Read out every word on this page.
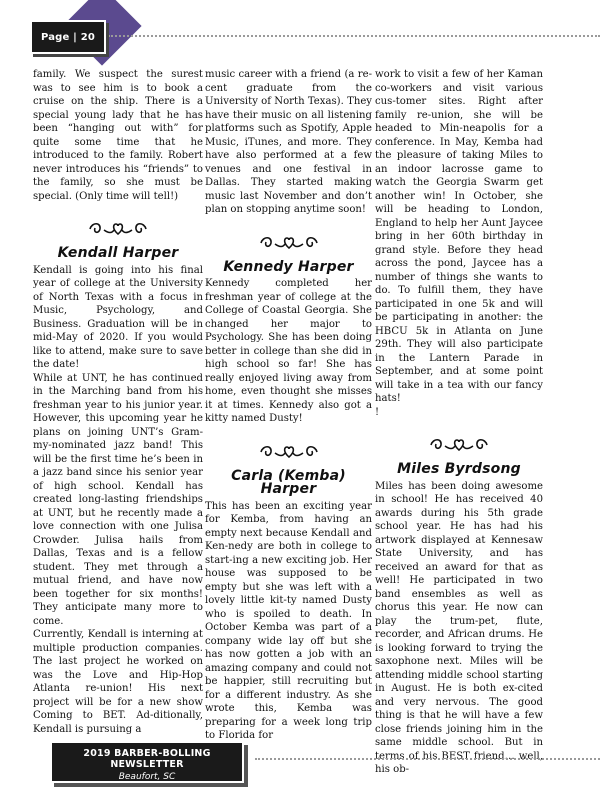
Page | 20

family. We suspect the surest was to see him is to book a cruise on the ship. There is a special young lady that he has been “hanging out with” for quite some time that he introduced to the family. Robert never introduces his “friends” to the family, so she must be special. (Only time will tell!)

Kendall Harper

Kendall is going into his final year of college at the University of North Texas with a focus in Music, Psychology, and Business. Graduation will be in mid-May of 2020. If you would like to attend, make sure to save the date!

While at UNT, he has continued in the Marching band from his freshman year to his junior year. However, this upcoming year he plans on joining UNT’s Gram-my-nominated jazz band! This will be the first time he’s been in a jazz band since his senior year of high school. Kendall has created long-lasting friendships at UNT, but he recently made a love connection with one Julisa Crowder. Julisa hails from Dallas, Texas and is a fellow student. They met through a mutual friend, and have now been together for six months! They anticipate many more to come.

Currently, Kendall is interning at multiple production companies. The last project he worked on was the Love and Hip-Hop Atlanta re-union! His next project will be for a new show Coming to BET. Ad-ditionally, Kendall is pursuing a

music career with a friend (a re-cent graduate from the University of North Texas). They have their music on all listening platforms such as Spotify, Apple Music, iTunes, and more. They have also performed at a few venues and one festival in Dallas. They started making music last November and don’t plan on stopping anytime soon!

Kennedy Harper

Kennedy completed her freshman year of college at the College of Coastal Georgia. She changed her major to Psychology. She has been doing better in college than she did in high school so far! She has really enjoyed living away from home, even thought she misses it at times. Kennedy also got a kitty named Dusty!

Carla (Kemba) Harper

This has been an exciting year for Kemba, from having an empty next because Kendall and Ken-nedy are both in college to start-ing a new exciting job. Her house was supposed to be empty but she was left with a lovely little kit-ty named Dusty who is spoiled to death. In October Kemba was part of a company wide lay off but she has now gotten a job with an amazing company and could not be happier, still recruiting but for a different industry. As she wrote this, Kemba was preparing for a week long trip to Florida for

work to visit a few of her Kaman co-workers and visit various cus-tomer sites. Right after family re-union, she will be headed to Min-neapolis for a conference. In May, Kemba had the pleasure of taking Miles to an indoor lacrosse game to watch the Georgia Swarm get another win! In October, she will be heading to London, England to help her Aunt Jaycee bring in her 60th birthday in grand style. Before they head across the pond, Jaycee has a number of things she wants to do. To fulfill them, they have participated in one 5k and will be participating in another: the HBCU 5k in Atlanta on June 29th. They will also participate in the Lantern Parade in September, and at some point will take in a tea with our fancy hats!

!

Miles Byrdsong

Miles has been doing awesome in school! He has received 40 awards during his 5th grade school year. He has had his artwork displayed at Kennesaw State University, and has received an award for that as well! He participated in two band ensembles as well as chorus this year. He now can play the trum-pet, flute, recorder, and African drums. He is looking forward to trying the saxophone next. Miles will be attending middle school starting in August. He is both ex-cited and very nervous. The good thing is that he will have a few close friends joining him in the same middle school. But in terms of his BEST friend… well, his ob-

2019 BARBER-BOLLING NEWSLETTER
Beaufort, SC
